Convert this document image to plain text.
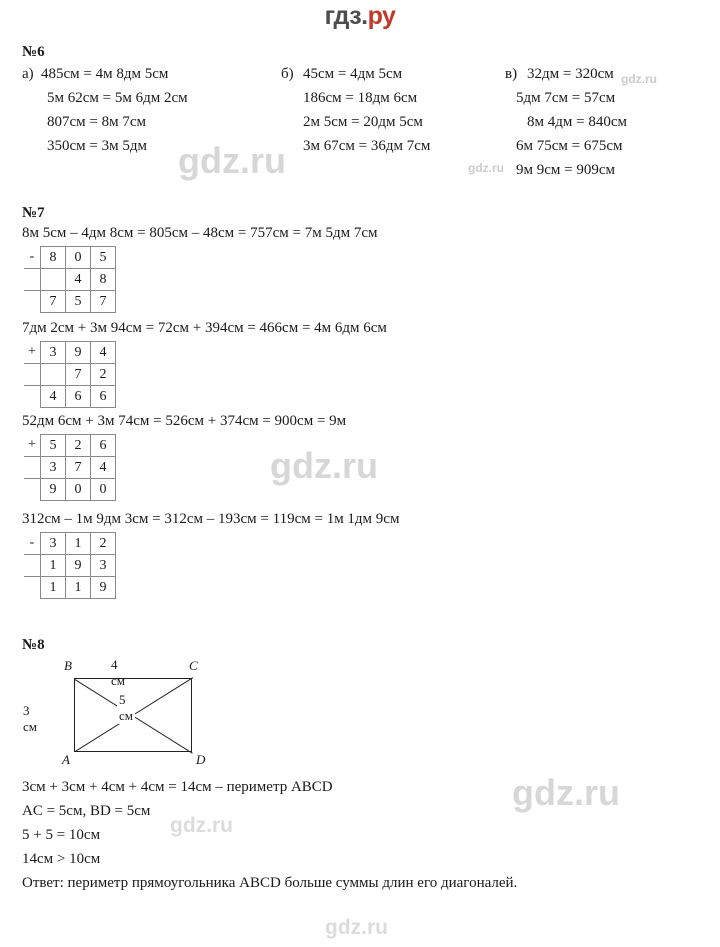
гдз.ру
№6
а) 485см = 4м 8дм 5см
5м 62см = 5м 6дм 2см
807см = 8м 7см
350см = 3м 5дм
б) 45см = 4дм 5см
186см = 18дм 6см
2м 5см = 20дм 5см
3м 67см = 36дм 7см
в) 32дм = 320см
5дм 7см = 57см
8м 4дм = 840см
6м 75см = 675см
9м 9см = 909см
№7
8м 5см – 4дм 8см = 805см – 48см = 757см = 7м 5дм 7см
-	8	0	5
		4	8
	7	5	7
7дм 2см + 3м 94см = 72см + 394см = 466см = 4м 6дм 6см
+	3	9	4
		7	2
	4	6	6
52дм 6см + 3м 74см = 526см + 374см = 900см = 9м
+	5	2	6
	3	7	4
	9	0	0
312см – 1м 9дм 3см = 312см – 193см = 119см = 1м 1дм 9см
-	3	1	2
	1	9	3
	1	1	9
№8
B	C
A	D
4 см
3 см
5 см
3см + 3см + 4см + 4см = 14см – периметр ABCD
AC = 5см, BD = 5см
5 + 5 = 10см
14см > 10см
Ответ: периметр прямоугольника ABCD больше суммы длин его диагоналей.
gdz.ru
gdz.ru
gdz.ru
gdz.ru
gdz.ru
gdz.ru
gdz.ru
